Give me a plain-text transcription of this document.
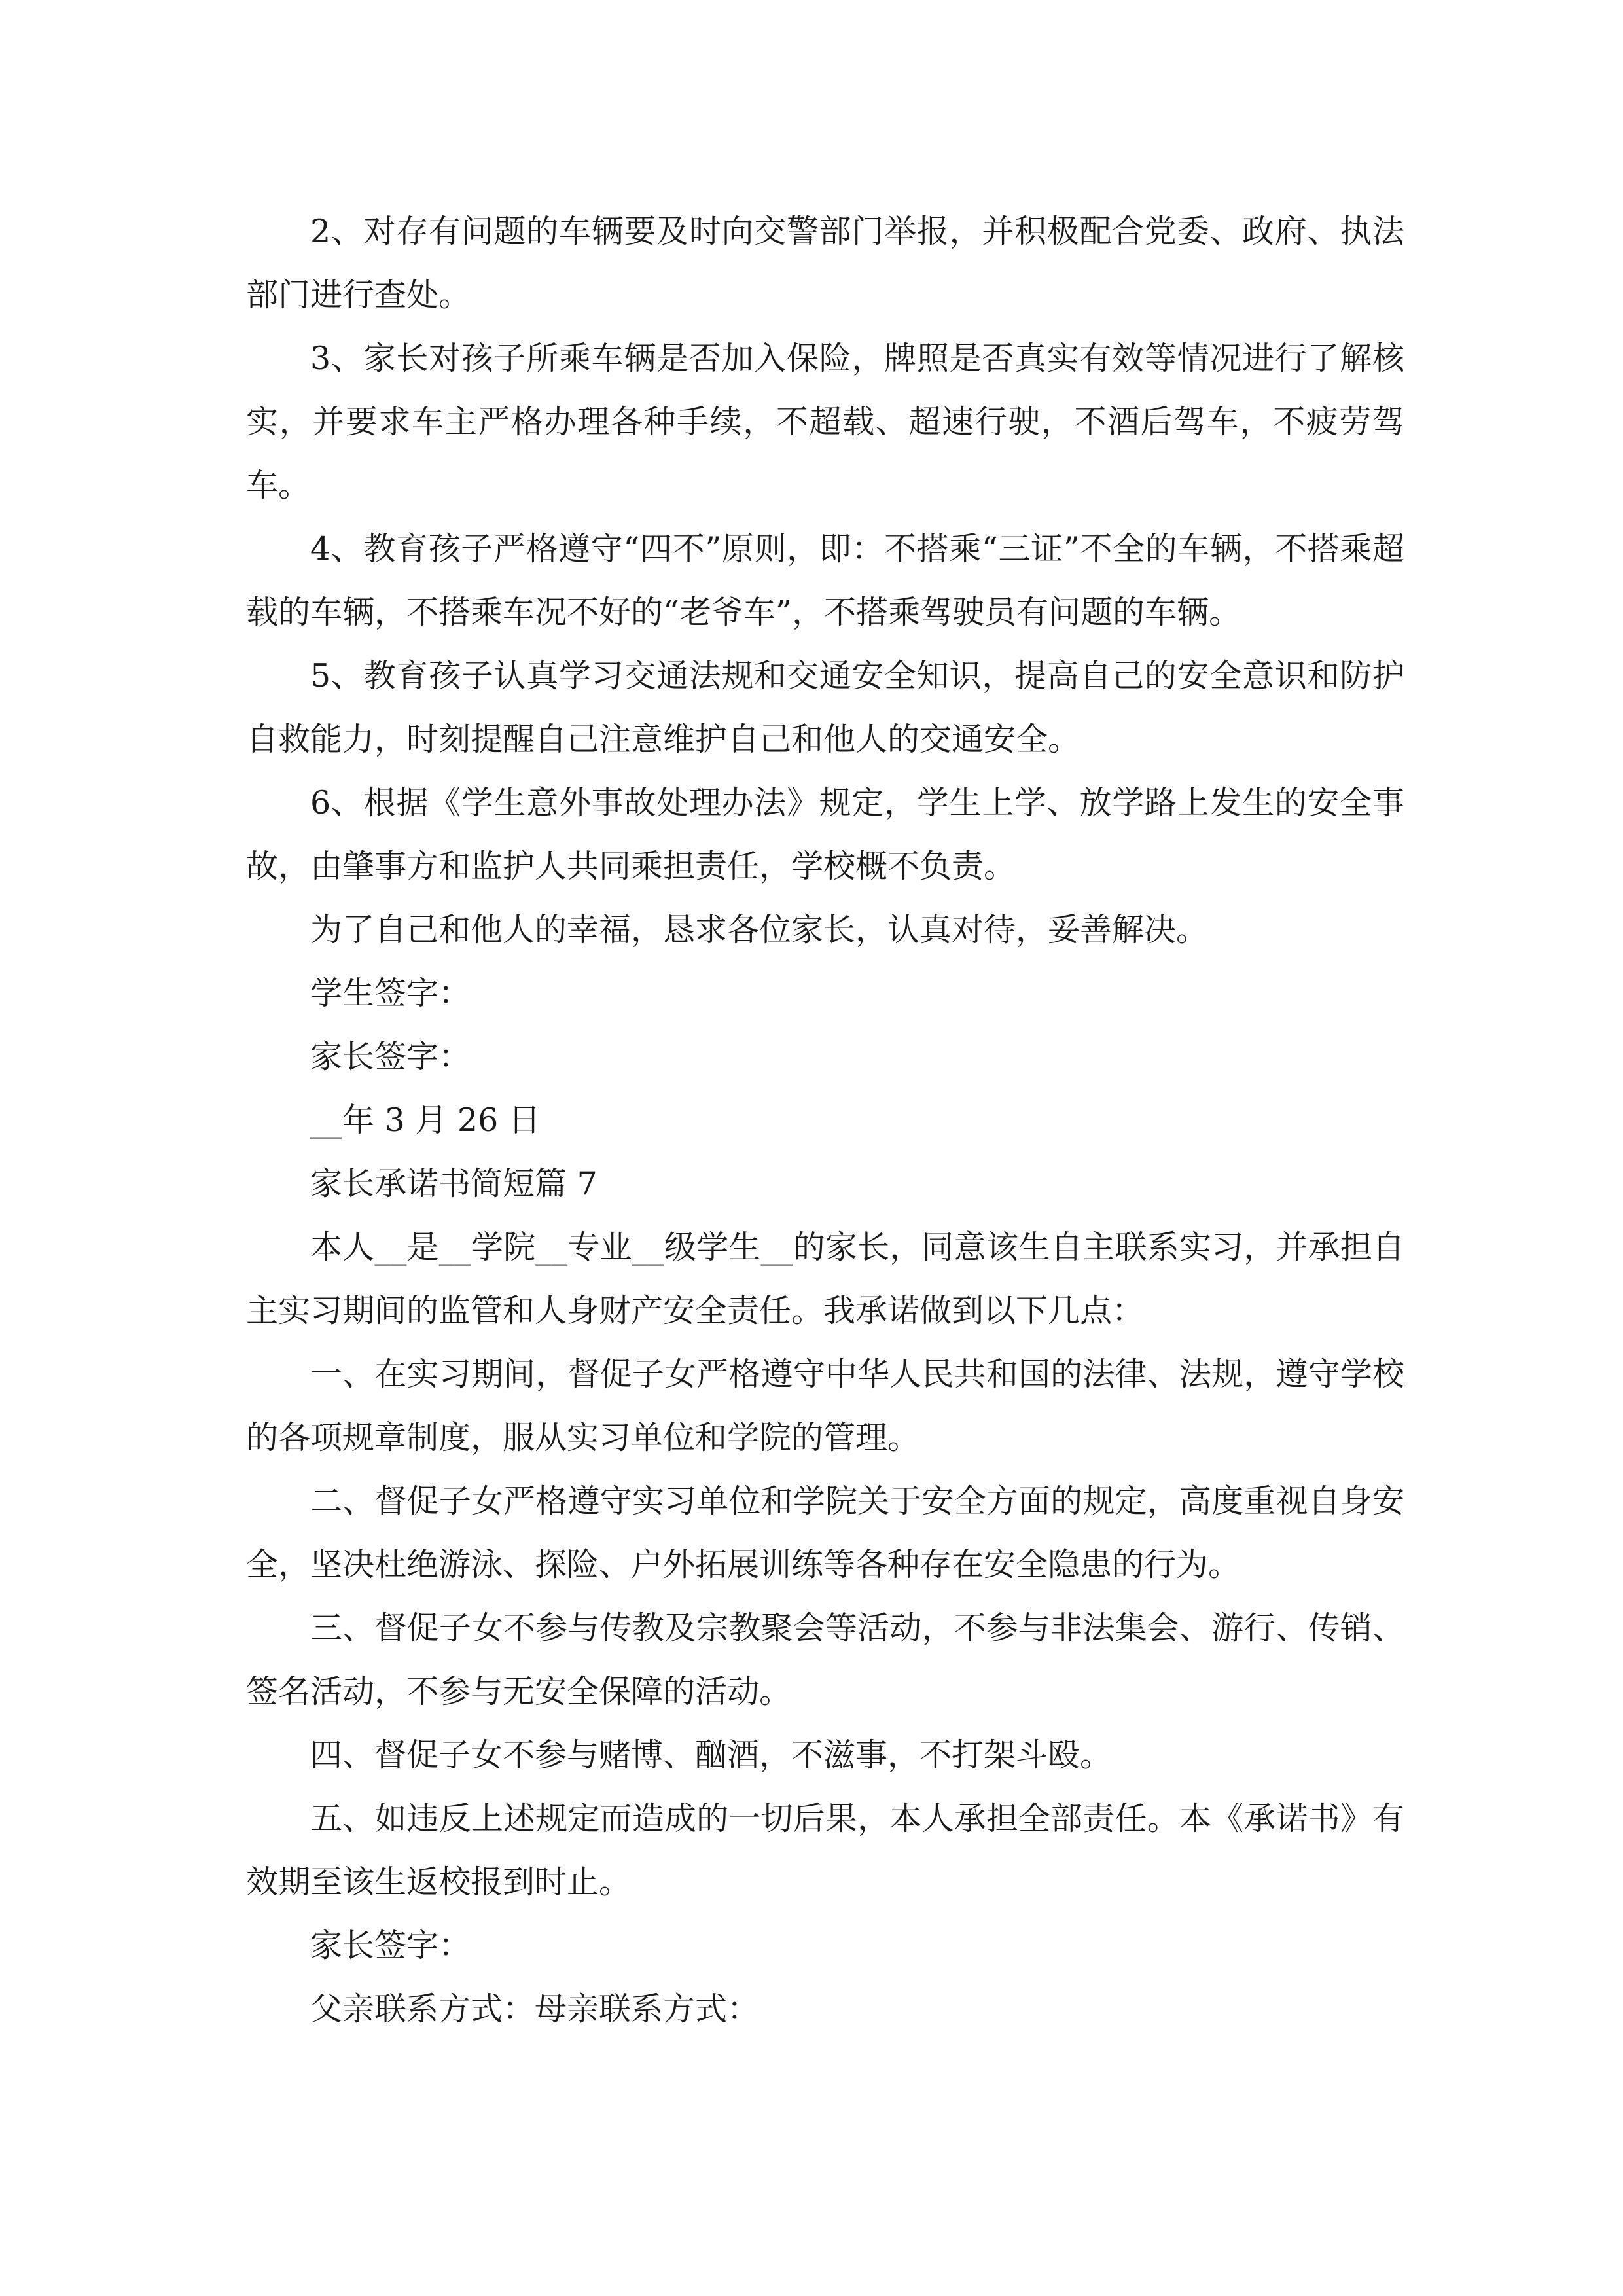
2、对存有问题的车辆要及时向交警部门举报，并积极配合党委、政府、执法部门进行查处。

3、家长对孩子所乘车辆是否加入保险，牌照是否真实有效等情况进行了解核实，并要求车主严格办理各种手续，不超载、超速行驶，不酒后驾车，不疲劳驾车。

4、教育孩子严格遵守“四不”原则，即：不搭乘“三证”不全的车辆，不搭乘超载的车辆，不搭乘车况不好的“老爷车”，不搭乘驾驶员有问题的车辆。

5、教育孩子认真学习交通法规和交通安全知识，提高自己的安全意识和防护自救能力，时刻提醒自己注意维护自己和他人的交通安全。

6、根据《学生意外事故处理办法》规定，学生上学、放学路上发生的安全事故，由肇事方和监护人共同乘担责任，学校概不负责。

为了自己和他人的幸福，恳求各位家长，认真对待，妥善解决。

学生签字：

家长签字：

__年 3 月 26 日

家长承诺书简短篇 7

本人__是__学院__专业__级学生__的家长，同意该生自主联系实习，并承担自主实习期间的监管和人身财产安全责任。我承诺做到以下几点：

一、在实习期间，督促子女严格遵守中华人民共和国的法律、法规，遵守学校的各项规章制度，服从实习单位和学院的管理。

二、督促子女严格遵守实习单位和学院关于安全方面的规定，高度重视自身安全，坚决杜绝游泳、探险、户外拓展训练等各种存在安全隐患的行为。

三、督促子女不参与传教及宗教聚会等活动，不参与非法集会、游行、传销、签名活动，不参与无安全保障的活动。

四、督促子女不参与赌博、酗酒，不滋事，不打架斗殴。

五、如违反上述规定而造成的一切后果，本人承担全部责任。本《承诺书》有效期至该生返校报到时止。

家长签字：

父亲联系方式：母亲联系方式：
